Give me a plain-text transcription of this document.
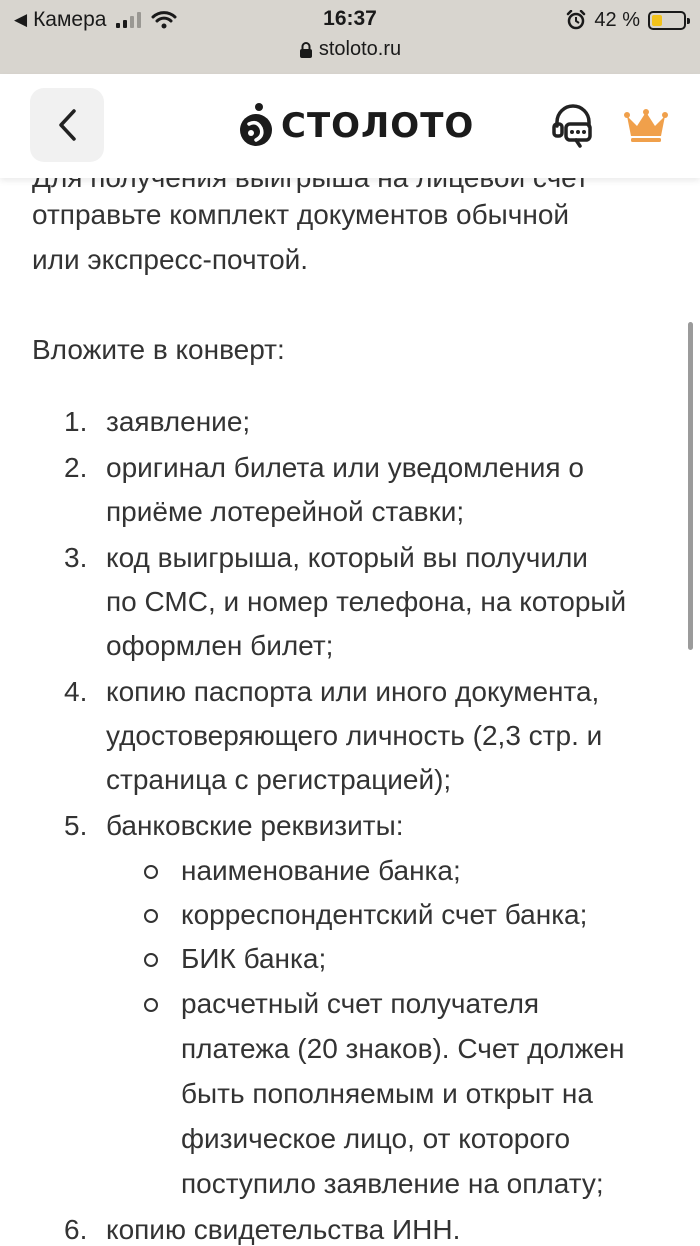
отправьте комплект документов обычной
или экспресс-почтой.
Вложите в конверт:
1. заявление;
2. оригинал билета или уведомления о
приёме лотерейной ставки;
3. код выигрыша, который вы получили
по СМС, и номер телефона, на который
оформлен билет;
4. копию паспорта или иного документа,
удостоверяющего личность (2,3 стр. и
страница с регистрацией);
5. банковские реквизиты:
наименование банка;
корреспондентский счет банка;
БИК банка;
расчетный счет получателя
платежа (20 знаков). Счет должен
быть пополняемым и открыт на
физическое лицо, от которого
поступило заявление на оплату;
6. копию свидетельства ИНН.
СТОЛОТО
◀ Камера	16:37	42 %
stoloto.ru
